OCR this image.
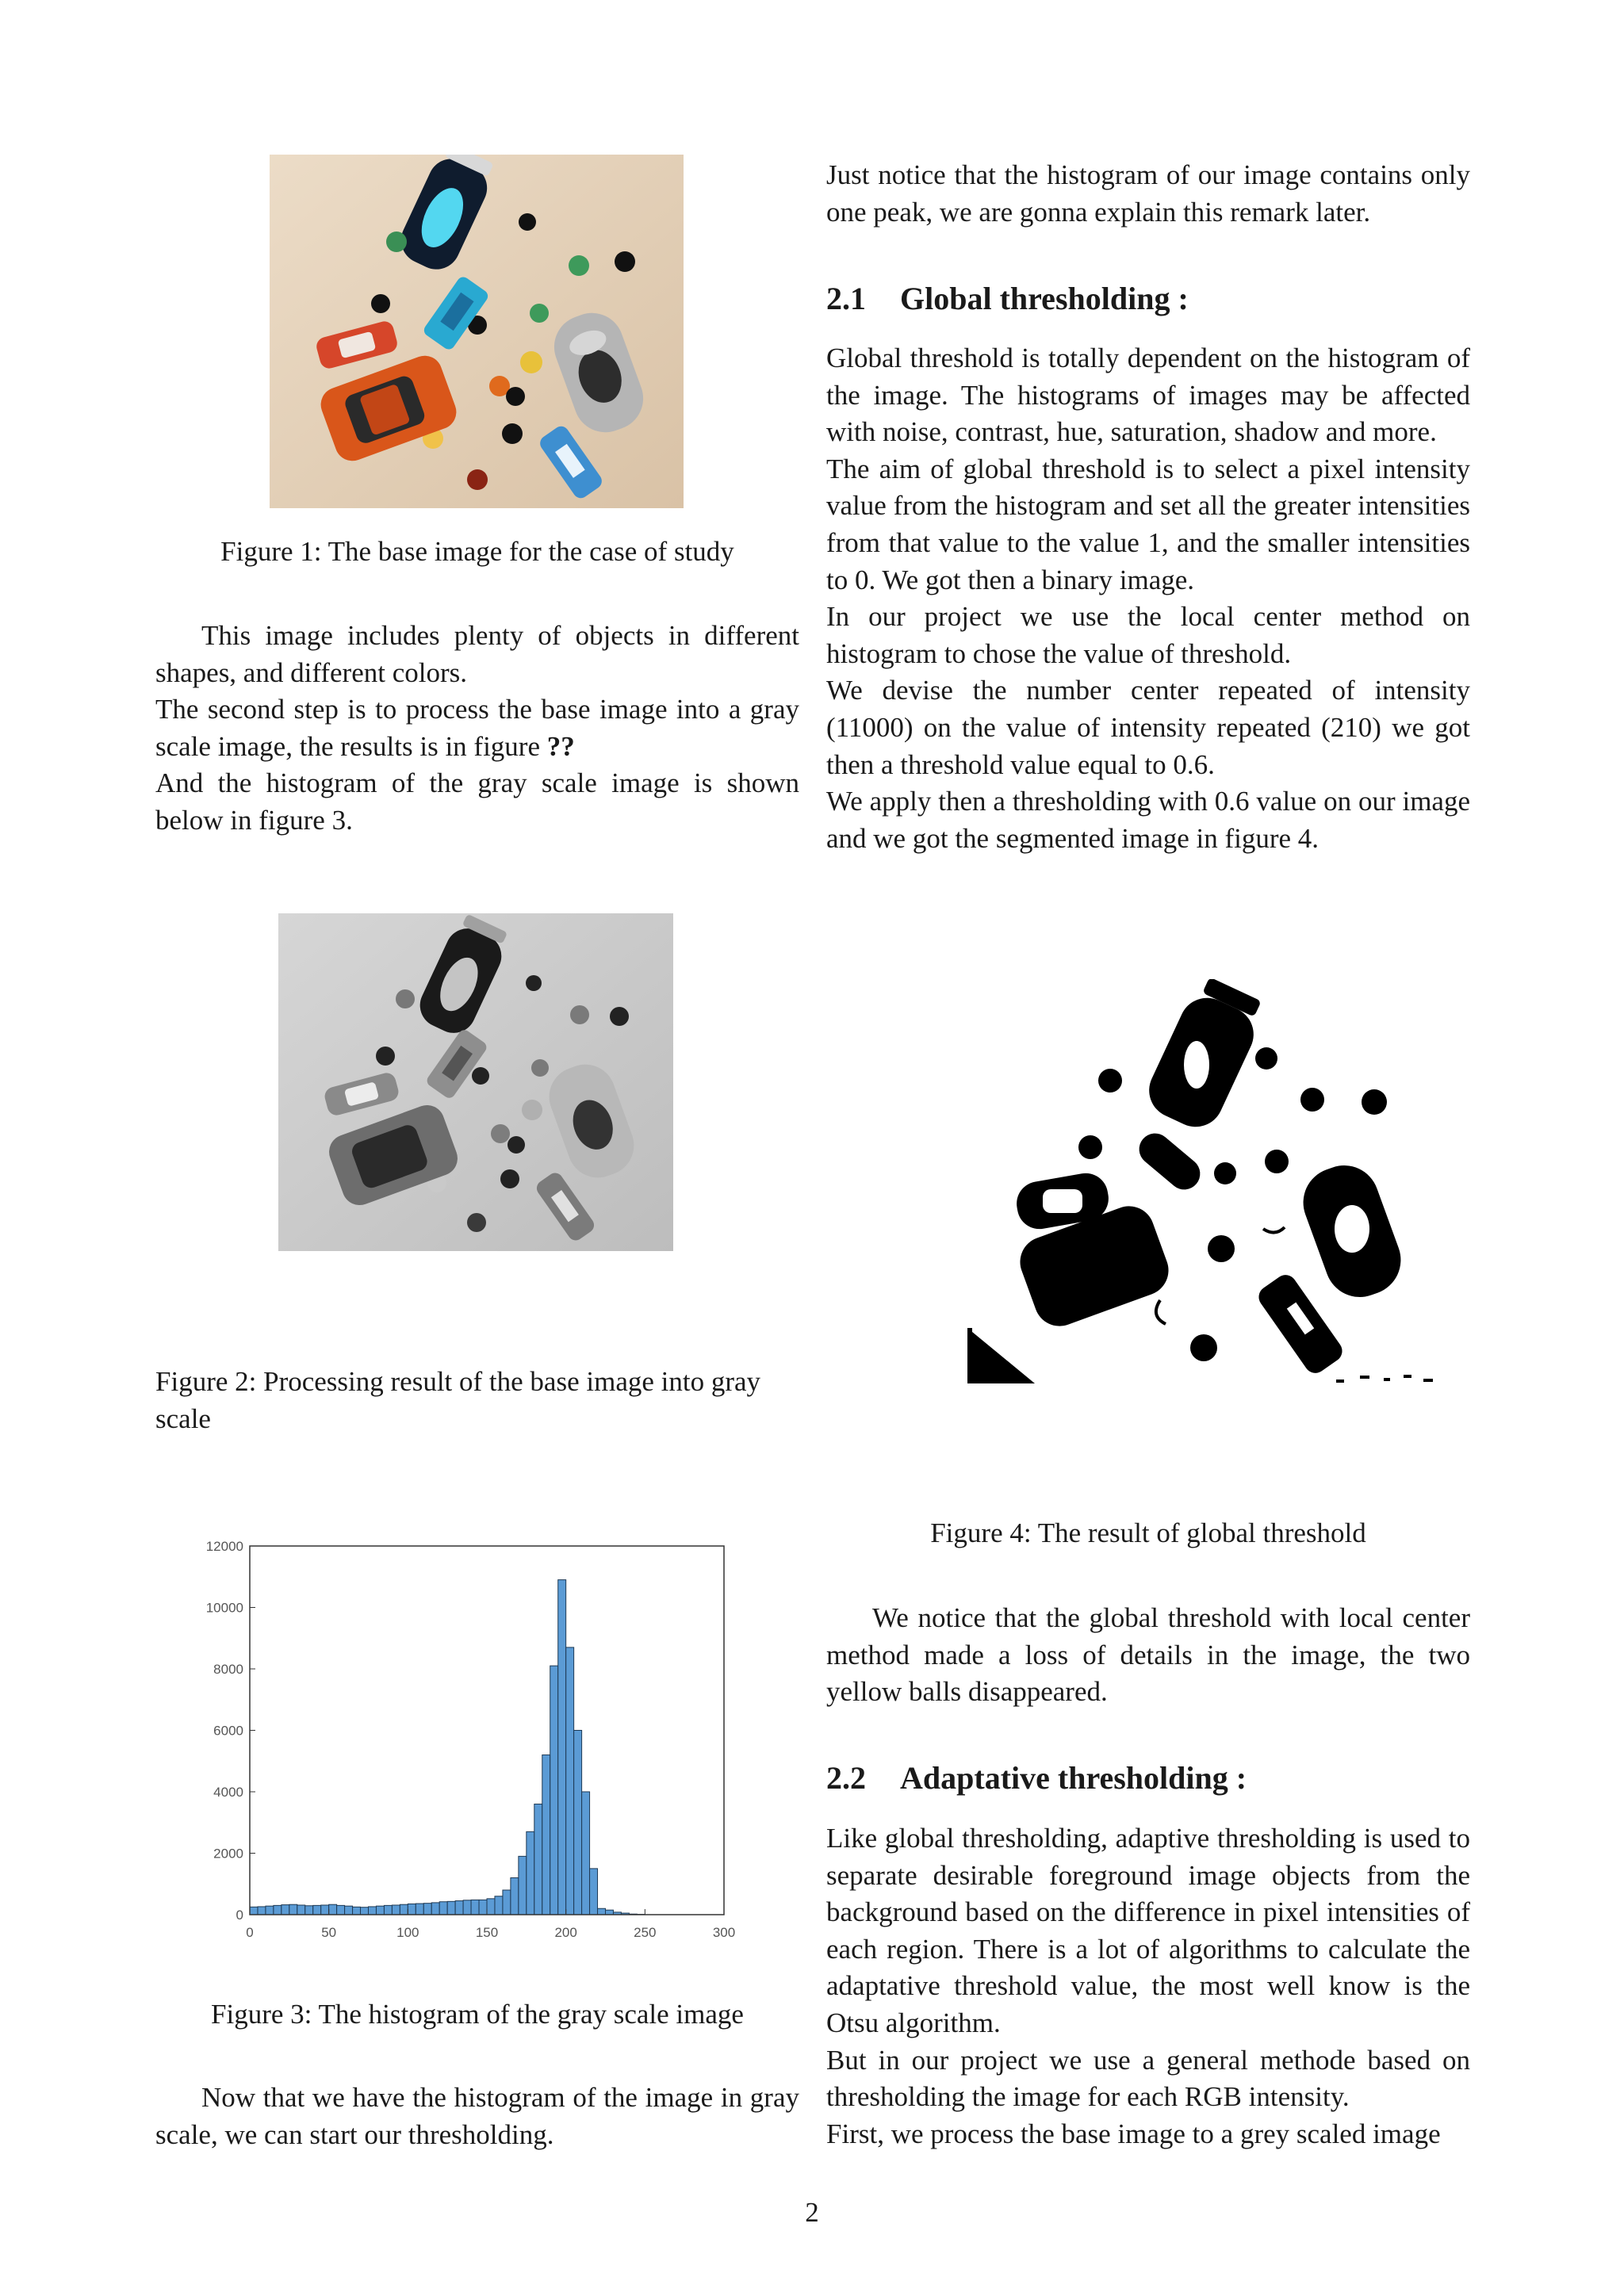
Figure 1: The base image for the case of study

This image includes plenty of objects in different shapes, and different colors.
The second step is to process the base image into a gray scale image, the results is in figure ??
And the histogram of the gray scale image is shown below in figure 3.

Figure 2: Processing result of the base image into gray scale
0	50	100	150	200	250	300
0
2000
4000
6000
8000
10000
12000
Figure 3: The histogram of the gray scale image

Now that we have the histogram of the image in gray scale, we can start our thresholding.

Just notice that the histogram of our image contains only one peak, we are gonna explain this remark later.

2.1 Global thresholding :

Global threshold is totally dependent on the histogram of the image. The histograms of images may be affected with noise, contrast, hue, saturation, shadow and more.

The aim of global threshold is to select a pixel intensity value from the histogram and set all the greater intensities from that value to the value 1, and the smaller intensities to 0. We got then a binary image.

In our project we use the local center method on histogram to chose the value of threshold.

We devise the number center repeated of intensity (11000) on the value of intensity repeated (210) we got then a threshold value equal to 0.6.

We apply then a thresholding with 0.6 value on our image and we got the segmented image in figure 4.

Figure 4: The result of global threshold

We notice that the global threshold with local center method made a loss of details in the image, the two yellow balls disappeared.

2.2 Adaptative thresholding :

Like global thresholding, adaptive thresholding is used to separate desirable foreground image objects from the background based on the difference in pixel intensities of each region. There is a lot of algorithms to calculate the adaptative threshold value, the most well know is the Otsu algorithm.

But in our project we use a general methode based on thresholding the image for each RGB intensity.

First, we process the base image to a grey scaled image

2
